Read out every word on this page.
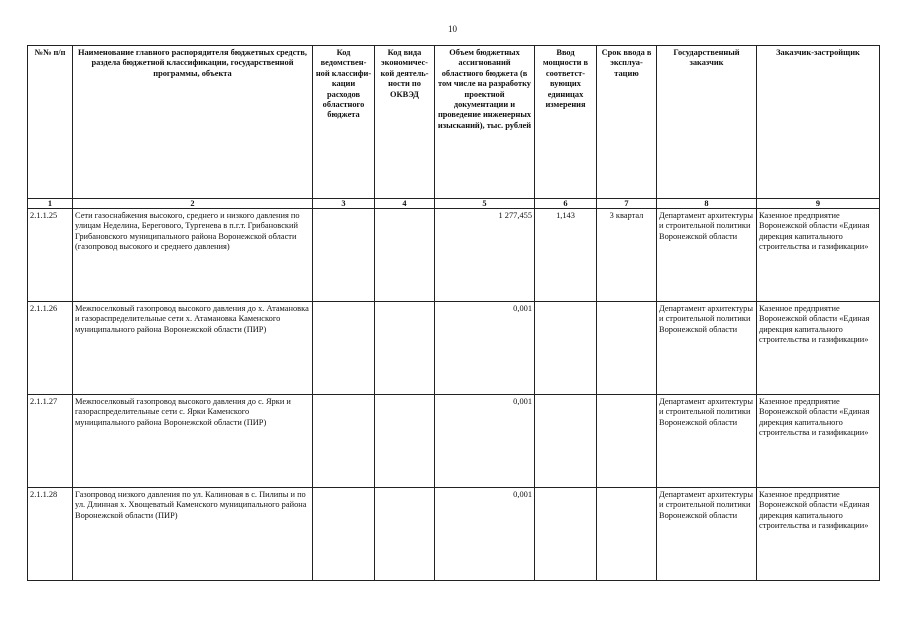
10
№№ п/п	Наименование главного распорядителя бюджетных средств, раздела бюджетной классификации, государственной программы, объекта	Код ведомствен-ной классифи-кации расходов областного бюджета	Код вида экономичес-кой деятель-ности по ОКВЭД	Объем бюджетных ассигнований областного бюджета (в том числе на разработку проектной документации и проведение инженерных изысканий), тыс. рублей	Ввод мощности в соответст-вующих единицах измерения	Срок ввода в эксплуа-тацию	Государственный заказчик	Заказчик-застройщик
1	2	3	4	5	6	7	8	9
2.1.1.25	Сети газоснабжения высокого, среднего и низкого давления по улицам Неделина, Берегового, Тургенева в п.г.т. Грибановский Грибановского муниципального района Воронежской области (газопровод высокого и среднего давления)			1 277,455	1,143	3 квартал	Департамент архитектуры и строительной политики Воронежской области	Казенное предприятие Воронежской области «Единая дирекция капитального строительства и газификации»
2.1.1.26	Межпоселковый газопровод высокого давления до х. Атамановка и газораспределительные сети х. Атамановка Каменского муниципального района Воронежской области (ПИР)			0,001			Департамент архитектуры и строительной политики Воронежской области	Казенное предприятие Воронежской области «Единая дирекция капитального строительства и газификации»
2.1.1.27	Межпоселковый газопровод высокого давления до с. Ярки и газораспределительные сети с. Ярки Каменского муниципального района Воронежской области (ПИР)			0,001			Департамент архитектуры и строительной политики Воронежской области	Казенное предприятие Воронежской области «Единая дирекция капитального строительства и газификации»
2.1.1.28	Газопровод низкого давления по ул. Калиновая в с. Пилипы и по ул. Длинная х. Хвощеватый Каменского муниципального района Воронежской области (ПИР)			0,001			Департамент архитектуры и строительной политики Воронежской области	Казенное предприятие Воронежской области «Единая дирекция капитального строительства и газификации»
